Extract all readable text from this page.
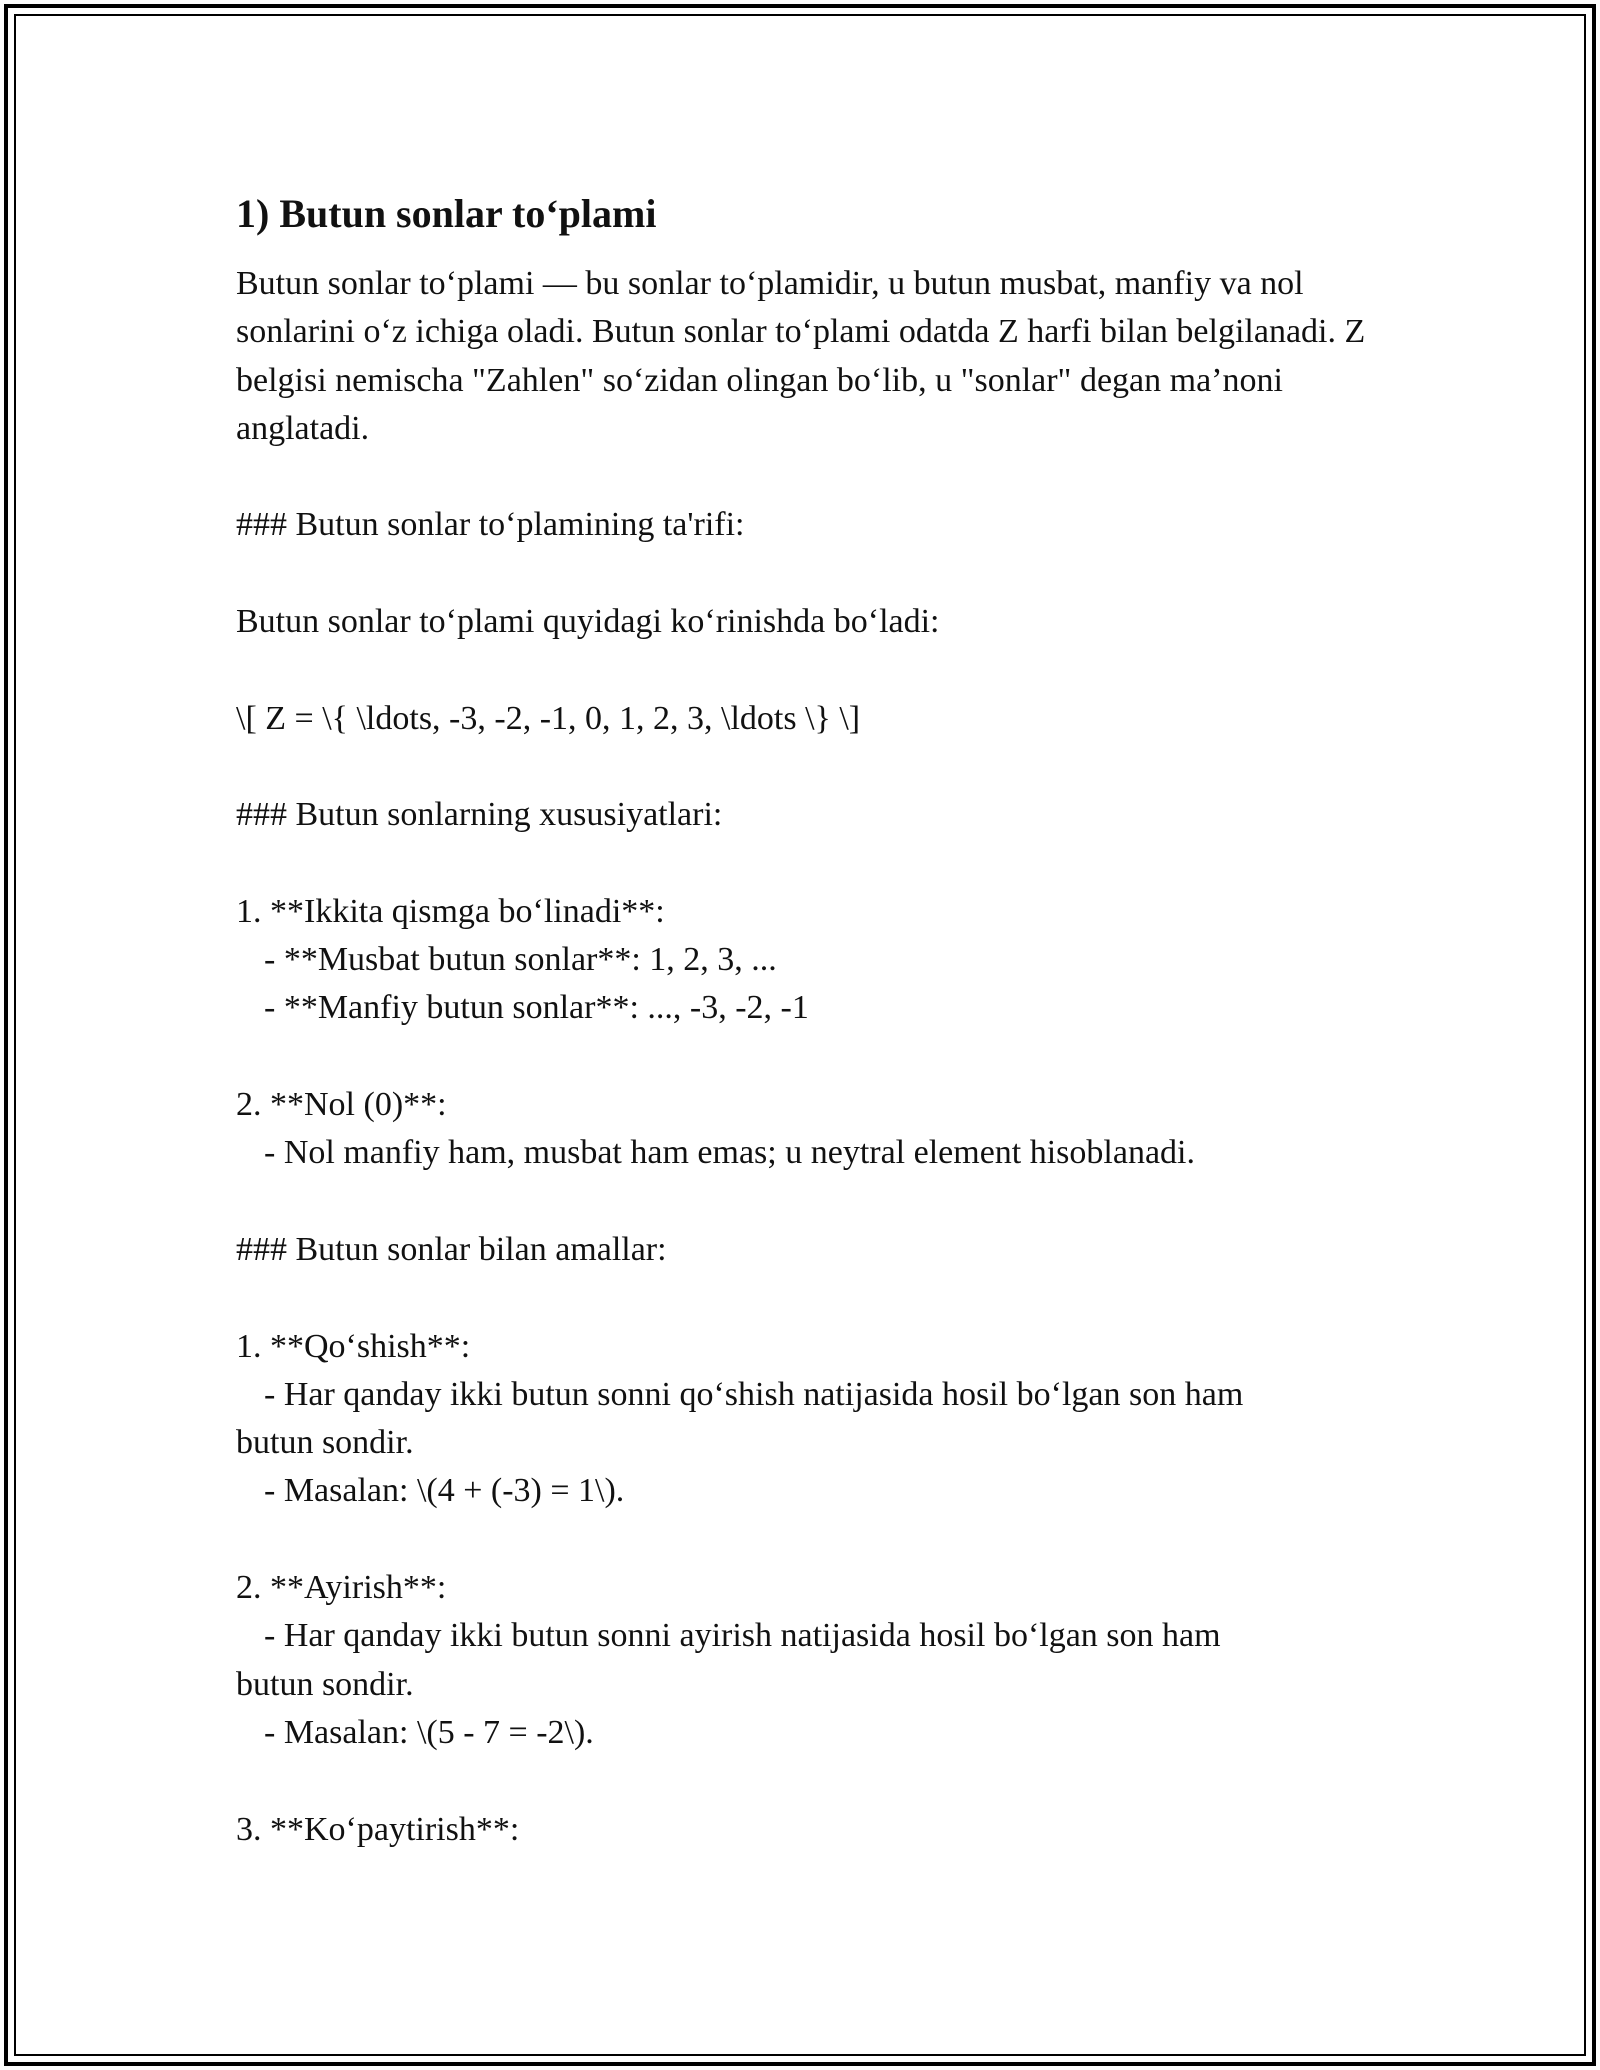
1) Butun sonlar to‘plami
Butun sonlar to‘plami — bu sonlar to‘plamidir, u butun musbat, manfiy va nol sonlarini o‘z ichiga oladi. Butun sonlar to‘plami odatda Z harfi bilan belgilanadi. Z belgisi nemischa "Zahlen" so‘zidan olingan bo‘lib, u "sonlar" degan ma’noni anglatadi.
### Butun sonlar to‘plamining ta'rifi:
Butun sonlar to‘plami quyidagi ko‘rinishda bo‘ladi:
\[ Z = \{ \ldots, -3, -2, -1, 0, 1, 2, 3, \ldots \} \]
### Butun sonlarning xususiyatlari:
1. **Ikkita qismga bo‘linadi**:
- **Musbat butun sonlar**: 1, 2, 3, ...
- **Manfiy butun sonlar**: ..., -3, -2, -1
2. **Nol (0)**:
- Nol manfiy ham, musbat ham emas; u neytral element hisoblanadi.
### Butun sonlar bilan amallar:
1. **Qo‘shish**:
- Har qanday ikki butun sonni qo‘shish natijasida hosil bo‘lgan son ham
butun sondir.
- Masalan: \(4 + (-3) = 1\).
2. **Ayirish**:
- Har qanday ikki butun sonni ayirish natijasida hosil bo‘lgan son ham
butun sondir.
- Masalan: \(5 - 7 = -2\).
3. **Ko‘paytirish**:
